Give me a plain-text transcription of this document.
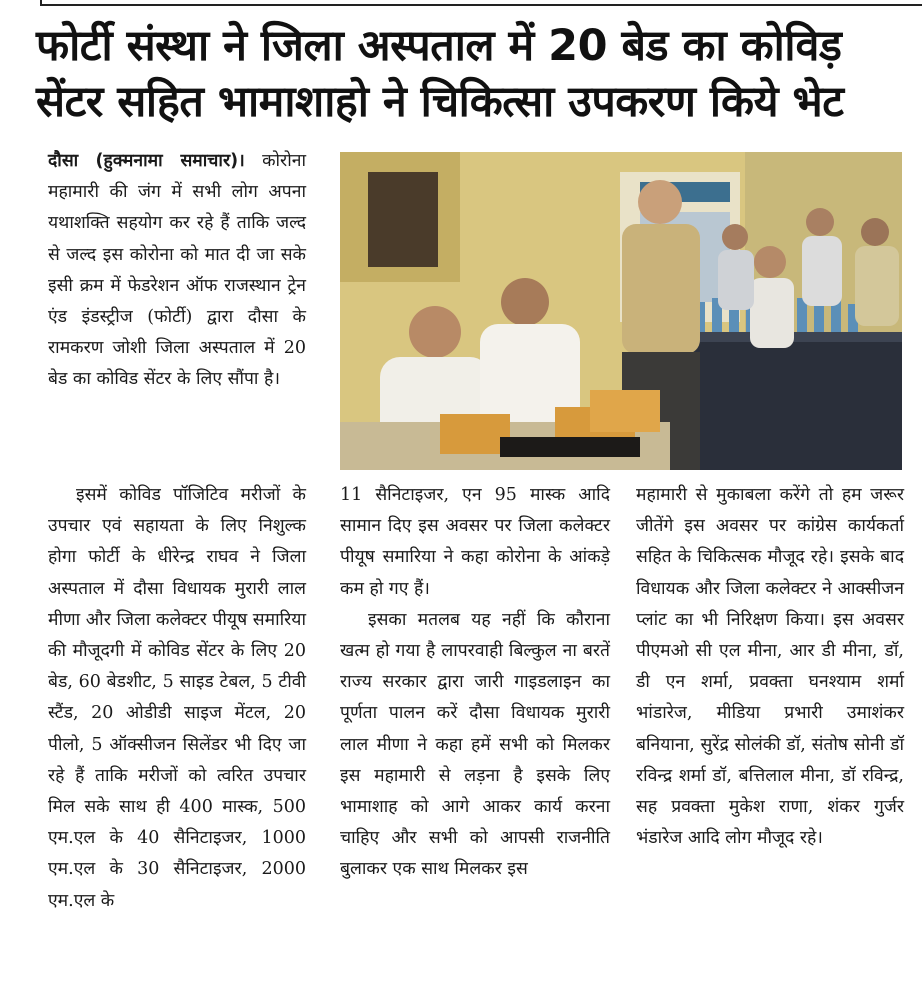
फोर्टी संस्था ने जिला अस्पताल में 20 बेड का कोविड़
सेंटर सहित भामाशाहो ने चिकित्सा उपकरण किये भेट

दौसा (हुक्मनामा समाचार)। कोरोना महामारी की जंग में सभी लोग अपना यथाशक्ति सहयोग कर रहे हैं ताकि जल्द से जल्द इस कोरोना को मात दी जा सके इसी क्रम में फेडरेशन ऑफ राजस्थान ट्रेन एंड इंडस्ट्रीज (फोर्टी) द्वारा दौसा के रामकरण जोशी जिला अस्पताल में 20 बेड का कोविड सेंटर के लिए सौंपा है।

इसमें कोविड पॉजिटिव मरीजों के उपचार एवं सहायता के लिए निशुल्क होगा फोर्टी के धीरेन्द्र राघव ने जिला अस्पताल में दौसा विधायक मुरारी लाल मीणा और जिला कलेक्टर पीयूष समारिया की मौजूदगी में कोविड सेंटर के लिए 20 बेड, 60 बेडशीट, 5 साइड टेबल, 5 टीवी स्टैंड, 20 ओडीडी साइज मेंटल, 20 पीलो, 5 ऑक्सीजन सिलेंडर भी दिए जा रहे हैं ताकि मरीजों को त्वरित उपचार मिल सके साथ ही 400 मास्क, 500 एम.एल के 40 सैनिटाइजर, 1000 एम.एल के 30 सैनिटाइजर, 2000 एम.एल के

11 सैनिटाइजर, एन 95 मास्क आदि सामान दिए इस अवसर पर जिला कलेक्टर पीयूष समारिया ने कहा कोरोना के आंकड़े कम हो गए हैं।

इसका मतलब यह नहीं कि कौराना खत्म हो गया है लापरवाही बिल्कुल ना बरतें राज्य सरकार द्वारा जारी गाइडलाइन का पूर्णता पालन करें दौसा विधायक मुरारी लाल मीणा ने कहा हमें सभी को मिलकर इस महामारी से लड़ना है इसके लिए भामाशाह को आगे आकर कार्य करना चाहिए और सभी को आपसी राजनीति बुलाकर एक साथ मिलकर इस

महामारी से मुकाबला करेंगे तो हम जरूर जीतेंगे इस अवसर पर कांग्रेस कार्यकर्ता सहित के चिकित्सक मौजूद रहे। इसके बाद विधायक और जिला कलेक्टर ने आक्सीजन प्लांट का भी निरिक्षण किया। इस अवसर पीएमओ सी एल मीना, आर डी मीना, डॉ, डी एन शर्मा, प्रवक्ता घनश्याम शर्मा भांडारेज, मीडिया प्रभारी उमाशंकर बनियाना, सुरेंद्र सोलंकी डॉ, संतोष सोनी डॉ रविन्द्र शर्मा डॉ, बत्तिलाल मीना, डॉ रविन्द्र, सह प्रवक्ता मुकेश राणा, शंकर गुर्जर भंडारेज आदि लोग मौजूद रहे।
